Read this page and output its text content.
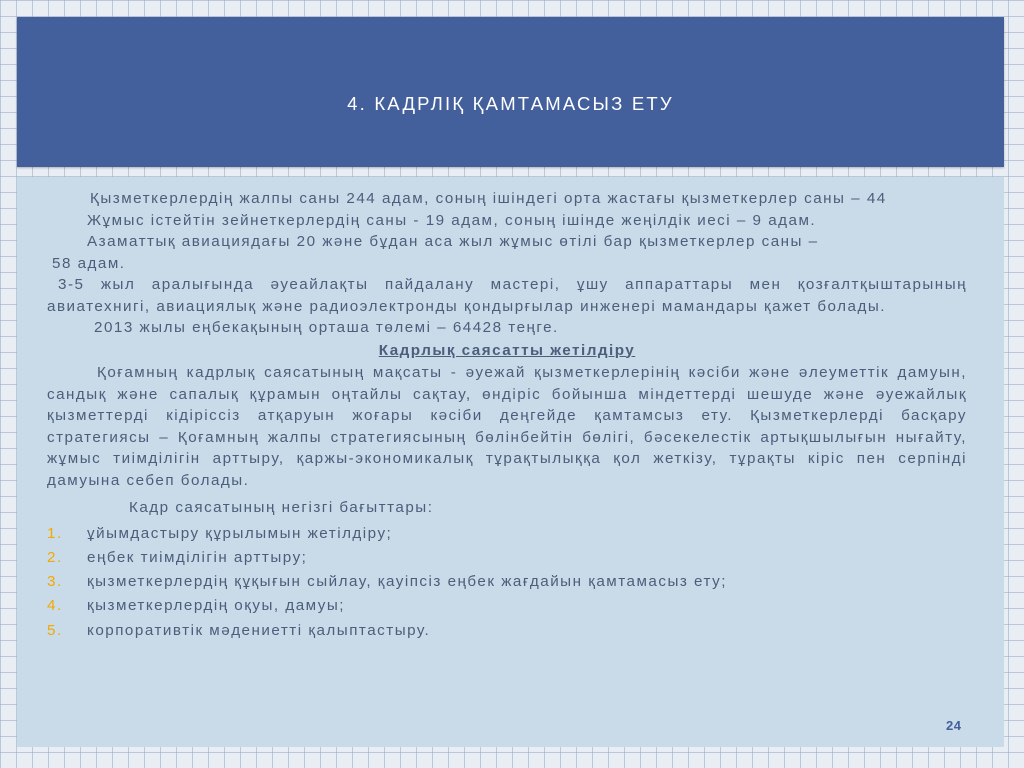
4. КАДРЛІҚ ҚАМТАМАСЫЗ ЕТУ

Қызметкерлердің жалпы саны 244 адам, соның ішіндегі орта жастағы қызметкерлер саны – 44

Жұмыс істейтін зейнеткерлердің саны - 19 адам, соның ішінде жеңілдік иесі – 9 адам.

Азаматтық авиациядағы 20 және бұдан аса жыл жұмыс өтілі бар қызметкерлер саны –

58 адам.

3-5 жыл аралығында әуеайлақты пайдалану мастері, ұшу аппараттары мен қозғалтқыштарының авиатехнигі, авиациялық және радиоэлектронды қондырғылар инженері мамандары қажет болады.

2013 жылы еңбекақының орташа төлемі – 64428 теңге.

Кадрлық саясатты жетілдіру

Қоғамның кадрлық саясатының мақсаты - әуежай қызметкерлерінің кәсіби және әлеуметтік дамуын, сандық және сапалық құрамын оңтайлы сақтау, өндіріс бойынша міндеттерді шешуде және әуежайлық қызметтерді кідіріссіз атқаруын жоғары кәсіби деңгейде қамтамсыз ету. Қызметкерлерді басқару стратегиясы – Қоғамның жалпы стратегиясының бөлінбейтін бөлігі, бәсекелестік артықшылығын нығайту, жұмыс тиімділігін арттыру, қаржы-экономикалық тұрақтылыққа қол жеткізу, тұрақты кіріс пен серпінді дамуына себеп болады.

Кадр саясатының негізгі бағыттары:

1. ұйымдастыру құрылымын жетілдіру;
2. еңбек тиімділігін арттыру;
3. қызметкерлердің құқығын сыйлау, қауіпсіз еңбек жағдайын қамтамасыз ету;
4. қызметкерлердің оқуы, дамуы;
5. корпоративтік мәдениетті қалыптастыру.
24
